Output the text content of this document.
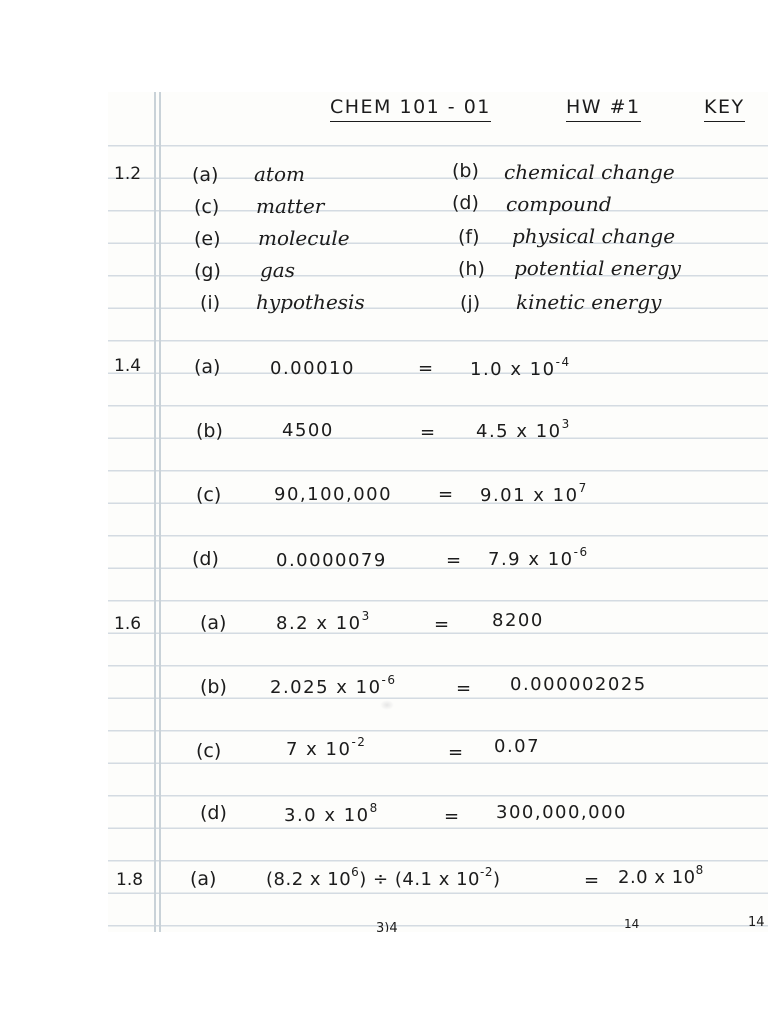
CHEM 101 - 01	HW #1	KEY
1.2	(a) atom	(b) chemical change
(c) matter	(d) compound
(e) molecule	(f) physical change
(g) gas	(h) potential energy
(i) hypothesis	(j) kinetic energy
1.4	(a)	0.00010	= 1.0 x $10^{-4}$
(b)	4500	= 4.5 x $10^3$
(c)	90,100,000	= 9.01 x $10^7$
(d)	0.0000079	= 7.9 x $10^{-6}$
1.6	(a)	8.2 x $10^3$	= 8200
(b) 2.025 x $10^{-6}$	= 0.000002025
(c)	7 x $10^{-2}$	= 0.07
(d)	3.0 x $10^8$	= 300,000,000
1.8 (a)	(8.2 x $10^6) \div (4.1$ x $10^{-2}$)	= 2.0 x $10^8$
3)4	14	14
